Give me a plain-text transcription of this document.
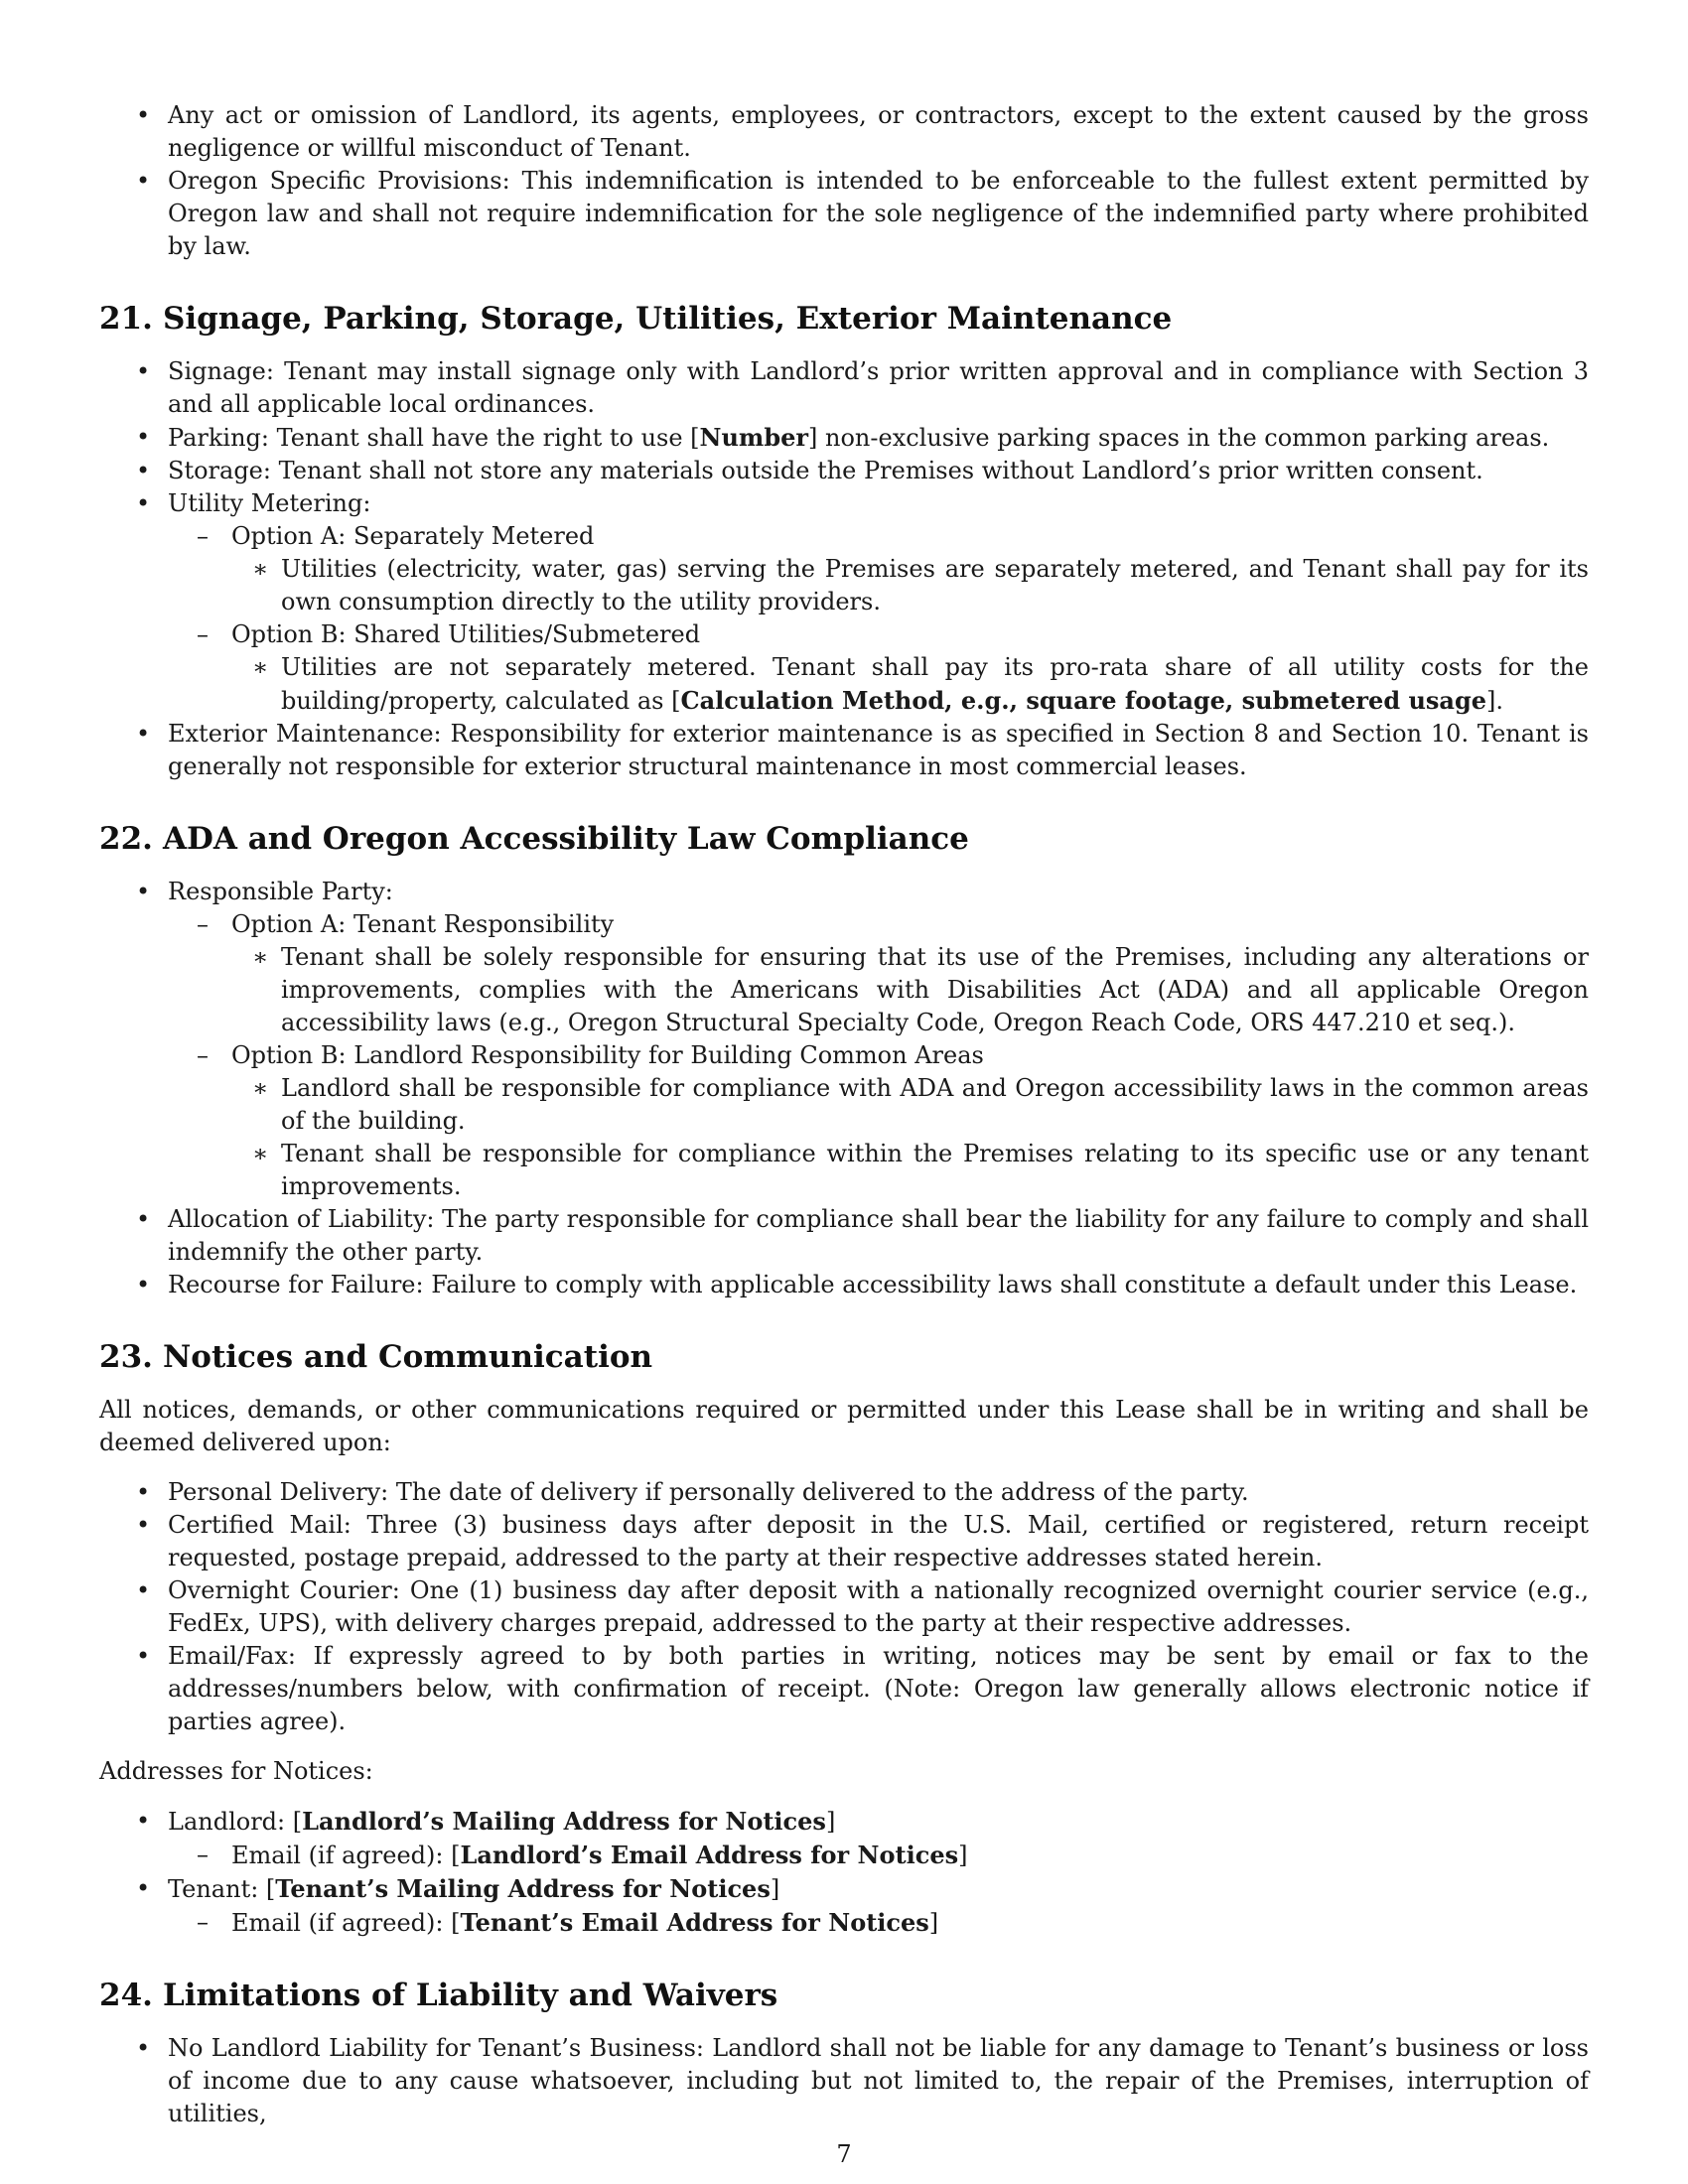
• Any act or omission of Landlord, its agents, employees, or contractors, except to the extent caused by the gross negligence or willful misconduct of Tenant.
• Oregon Specific Provisions: This indemnification is intended to be enforceable to the fullest extent permitted by Oregon law and shall not require indemnification for the sole negligence of the indemnified party where prohibited by law.
21. Signage, Parking, Storage, Utilities, Exterior Maintenance
• Signage: Tenant may install signage only with Landlord’s prior written approval and in compliance with Section 3 and all applicable local ordinances.
• Parking: Tenant shall have the right to use [Number] non-exclusive parking spaces in the common parking areas.
• Storage: Tenant shall not store any materials outside the Premises without Landlord’s prior written consent.
• Utility Metering:
– Option A: Separately Metered
∗ Utilities (electricity, water, gas) serving the Premises are separately metered, and Tenant shall pay for its own consumption directly to the utility providers.
– Option B: Shared Utilities/Submetered
∗ Utilities are not separately metered. Tenant shall pay its pro-rata share of all utility costs for the building/property, calculated as [Calculation Method, e.g., square footage, submetered usage].
• Exterior Maintenance: Responsibility for exterior maintenance is as specified in Section 8 and Section 10. Tenant is generally not responsible for exterior structural maintenance in most commercial leases.
22. ADA and Oregon Accessibility Law Compliance
• Responsible Party:
– Option A: Tenant Responsibility
∗ Tenant shall be solely responsible for ensuring that its use of the Premises, including any alterations or improvements, complies with the Americans with Disabilities Act (ADA) and all applicable Oregon accessibility laws (e.g., Oregon Structural Specialty Code, Oregon Reach Code, ORS 447.210 et seq.).
– Option B: Landlord Responsibility for Building Common Areas
∗ Landlord shall be responsible for compliance with ADA and Oregon accessibility laws in the common areas of the building.
∗ Tenant shall be responsible for compliance within the Premises relating to its specific use or any tenant improvements.
• Allocation of Liability: The party responsible for compliance shall bear the liability for any failure to comply and shall indemnify the other party.
• Recourse for Failure: Failure to comply with applicable accessibility laws shall constitute a default under this Lease.
23. Notices and Communication

All notices, demands, or other communications required or permitted under this Lease shall be in writing and shall be deemed delivered upon:

• Personal Delivery: The date of delivery if personally delivered to the address of the party.
• Certified Mail: Three (3) business days after deposit in the U.S. Mail, certified or registered, return receipt requested, postage prepaid, addressed to the party at their respective addresses stated herein.
• Overnight Courier: One (1) business day after deposit with a nationally recognized overnight courier service (e.g., FedEx, UPS), with delivery charges prepaid, addressed to the party at their respective addresses.
• Email/Fax: If expressly agreed to by both parties in writing, notices may be sent by email or fax to the addresses/numbers below, with confirmation of receipt. (Note: Oregon law generally allows electronic notice if parties agree).

Addresses for Notices:

• Landlord: [Landlord’s Mailing Address for Notices]
– Email (if agreed): [Landlord’s Email Address for Notices]
• Tenant: [Tenant’s Mailing Address for Notices]
– Email (if agreed): [Tenant’s Email Address for Notices]
24. Limitations of Liability and Waivers
• No Landlord Liability for Tenant’s Business: Landlord shall not be liable for any damage to Tenant’s business or loss of income due to any cause whatsoever, including but not limited to, the repair of the Premises, interruption of utilities,
7
